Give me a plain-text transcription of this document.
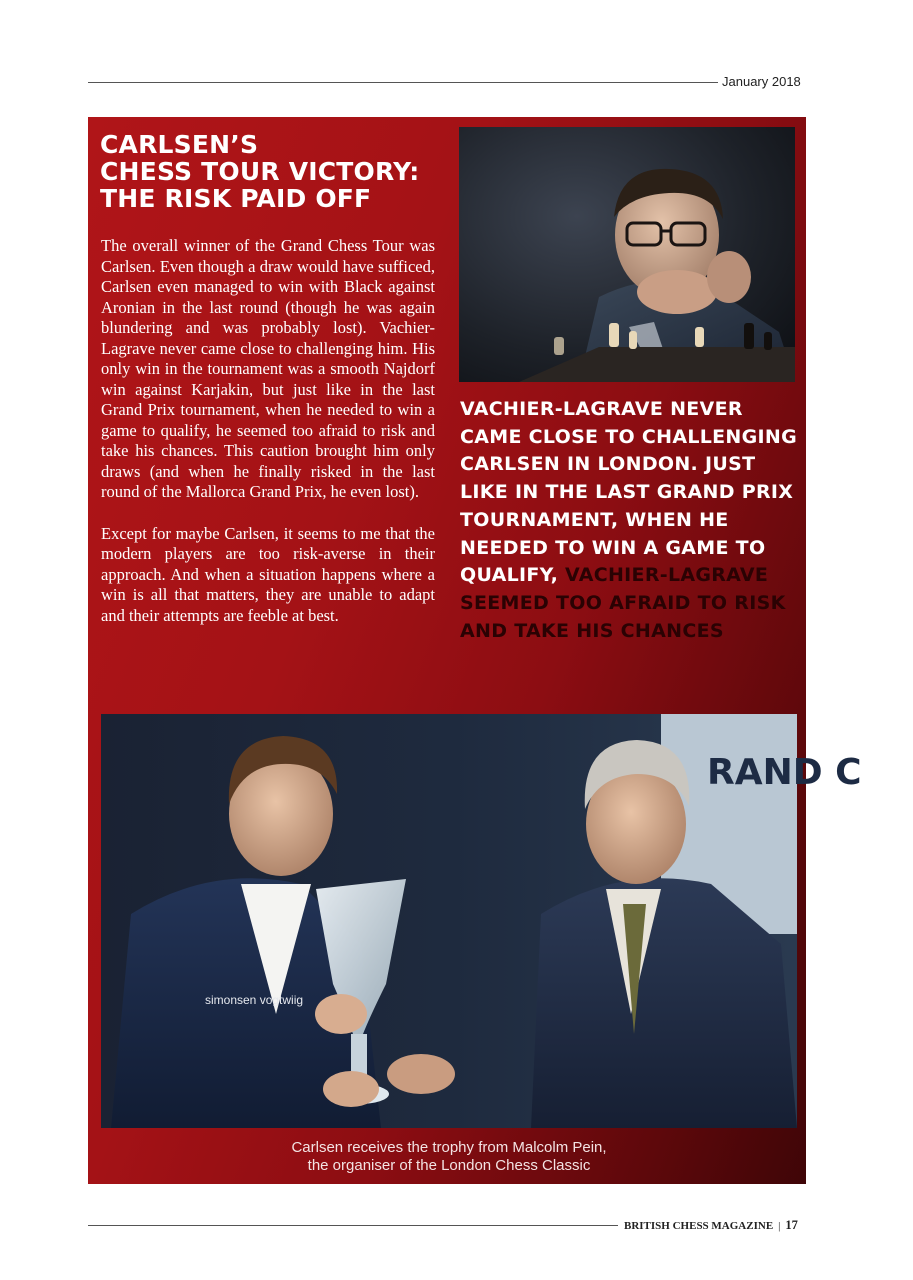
January 2018
CARLSEN’S
CHESS TOUR VICTORY:
THE RISK PAID OFF

The overall winner of the Grand Chess Tour was Carlsen. Even though a draw would have sufficed, Carlsen even managed to win with Black against Aronian in the last round (though he was again blundering and was probably lost). Vachier-Lagrave never came close to challenging him. His only win in the tournament was a smooth Najdorf win against Karjakin, but just like in the last Grand Prix tournament, when he needed to win a game to qualify, he seemed too afraid to risk and take his chances. This caution brought him only draws (and when he finally risked in the last round of the Mallorca Grand Prix, he even lost).

Except for maybe Carlsen, it seems to me that the modern players are too risk-averse in their approach. And when a situation happens where a win is all that matters, they are unable to adapt and their attempts are feeble at best.

VACHIER-LAGRAVE NEVER CAME CLOSE TO CHALLENGING CARLSEN IN LONDON. JUST LIKE IN THE LAST GRAND PRIX TOURNAMENT, WHEN HE NEEDED TO WIN A GAME TO QUALIFY, VACHIER-LAGRAVE SEEMED TOO AFRAID TO RISK AND TAKE HIS CHANCES
RAND C
simonsen vogtwiig
Carlsen receives the trophy from Malcolm Pein,
the organiser of the London Chess Classic
BRITISH CHESS MAGAZINE | 17
